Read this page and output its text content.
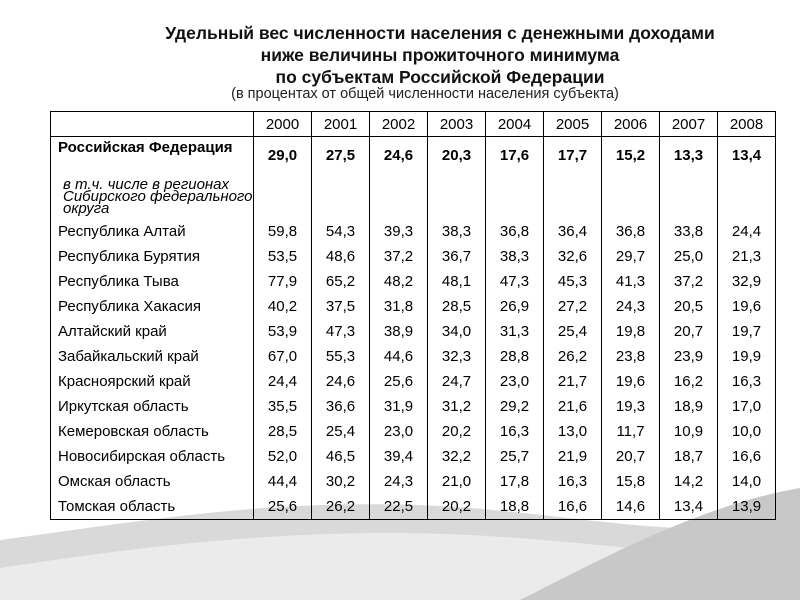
Удельный вес численности населения с денежными доходами
ниже величины прожиточного минимума
по субъектам Российской Федерации
(в процентах от общей численности населения субъекта)
	2000	2001	2002	2003	2004	2005	2006	2007	2008
Российская Федерация	29,0	27,5	24,6	20,3	17,6	17,7	15,2	13,3	13,4
в т.ч. числе в регионах Сибирского федерального округа									
Республика Алтай	59,8	54,3	39,3	38,3	36,8	36,4	36,8	33,8	24,4
Республика Бурятия	53,5	48,6	37,2	36,7	38,3	32,6	29,7	25,0	21,3
Республика Тыва	77,9	65,2	48,2	48,1	47,3	45,3	41,3	37,2	32,9
Республика Хакасия	40,2	37,5	31,8	28,5	26,9	27,2	24,3	20,5	19,6
Алтайский край	53,9	47,3	38,9	34,0	31,3	25,4	19,8	20,7	19,7
Забайкальский край	67,0	55,3	44,6	32,3	28,8	26,2	23,8	23,9	19,9
Красноярский край	24,4	24,6	25,6	24,7	23,0	21,7	19,6	16,2	16,3
Иркутская область	35,5	36,6	31,9	31,2	29,2	21,6	19,3	18,9	17,0
Кемеровская область	28,5	25,4	23,0	20,2	16,3	13,0	11,7	10,9	10,0
Новосибирская область	52,0	46,5	39,4	32,2	25,7	21,9	20,7	18,7	16,6
Омская область	44,4	30,2	24,3	21,0	17,8	16,3	15,8	14,2	14,0
Томская область	25,6	26,2	22,5	20,2	18,8	16,6	14,6	13,4	13,9
